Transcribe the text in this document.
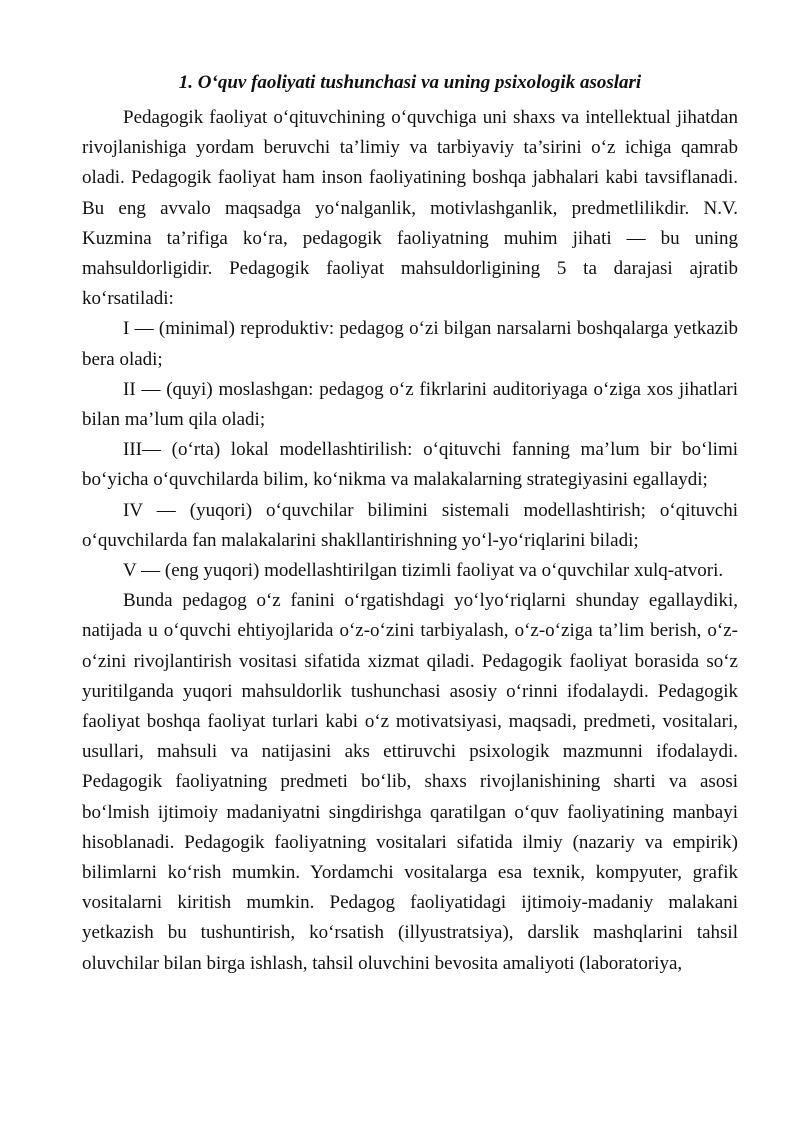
1. O‘quv faoliyati tushunchasi va uning psixologik asoslari

Pedagogik faoliyat o‘qituvchining o‘quvchiga uni shaxs va intellektual jihatdan rivojlanishiga yordam beruvchi ta’limiy va tarbiyaviy ta’sirini o‘z ichiga qamrab oladi. Pedagogik faoliyat ham inson faoliyatining boshqa jabhalari kabi tavsiflanadi. Bu eng avvalo maqsadga yo‘nalganlik, motivlashganlik, predmetlilikdir. N.V. Kuzmina ta’rifiga ko‘ra, pedagogik faoliyatning muhim jihati — bu uning mahsuldorligidir. Pedagogik faoliyat mahsuldorligining 5 ta darajasi ajratib ko‘rsatiladi:

I — (minimal) reproduktiv: pedagog o‘zi bilgan narsalarni boshqalarga yetkazib bera oladi;

II — (quyi) moslashgan: pedagog o‘z fikrlarini auditoriyaga o‘ziga xos jihatlari bilan ma’lum qila oladi;

III— (o‘rta) lokal modellashtirilish: o‘qituvchi fanning ma’lum bir bo‘limi bo‘yicha o‘quvchilarda bilim, ko‘nikma va malakalarning strategiyasini egallaydi;

IV — (yuqori) o‘quvchilar bilimini sistemali modellashtirish; o‘qituvchi o‘quvchilarda fan malakalarini shakllantirishning yo‘l-yo‘riqlarini biladi;

V — (eng yuqori) modellashtirilgan tizimli faoliyat va o‘quvchilar xulq-atvori.

Bunda pedagog o‘z fanini o‘rgatishdagi yo‘lyo‘riqlarni shunday egallaydiki, natijada u o‘quvchi ehtiyojlarida o‘z-o‘zini tarbiyalash, o‘z-o‘ziga ta’lim berish, o‘z-o‘zini rivojlantirish vositasi sifatida xizmat qiladi. Pedagogik faoliyat borasida so‘z yuritilganda yuqori mahsuldorlik tushunchasi asosiy o‘rinni ifodalaydi. Pedagogik faoliyat boshqa faoliyat turlari kabi o‘z motivatsiyasi, maqsadi, predmeti, vositalari, usullari, mahsuli va natijasini aks ettiruvchi psixologik mazmunni ifodalaydi. Pedagogik faoliyatning predmeti bo‘lib, shaxs rivojlanishining sharti va asosi bo‘lmish ijtimoiy madaniyatni singdirishga qaratilgan o‘quv faoliyatining manbayi hisoblanadi. Pedagogik faoliyatning vositalari sifatida ilmiy (nazariy va empirik) bilimlarni ko‘rish mumkin. Yordamchi vositalarga esa texnik, kompyuter, grafik vositalarni kiritish mumkin. Pedagog faoliyatidagi ijtimoiy-madaniy malakani yetkazish bu tushuntirish, ko‘rsatish (illyustratsiya), darslik mashqlarini tahsil oluvchilar bilan birga ishlash, tahsil oluvchini bevosita amaliyoti (laboratoriya,
